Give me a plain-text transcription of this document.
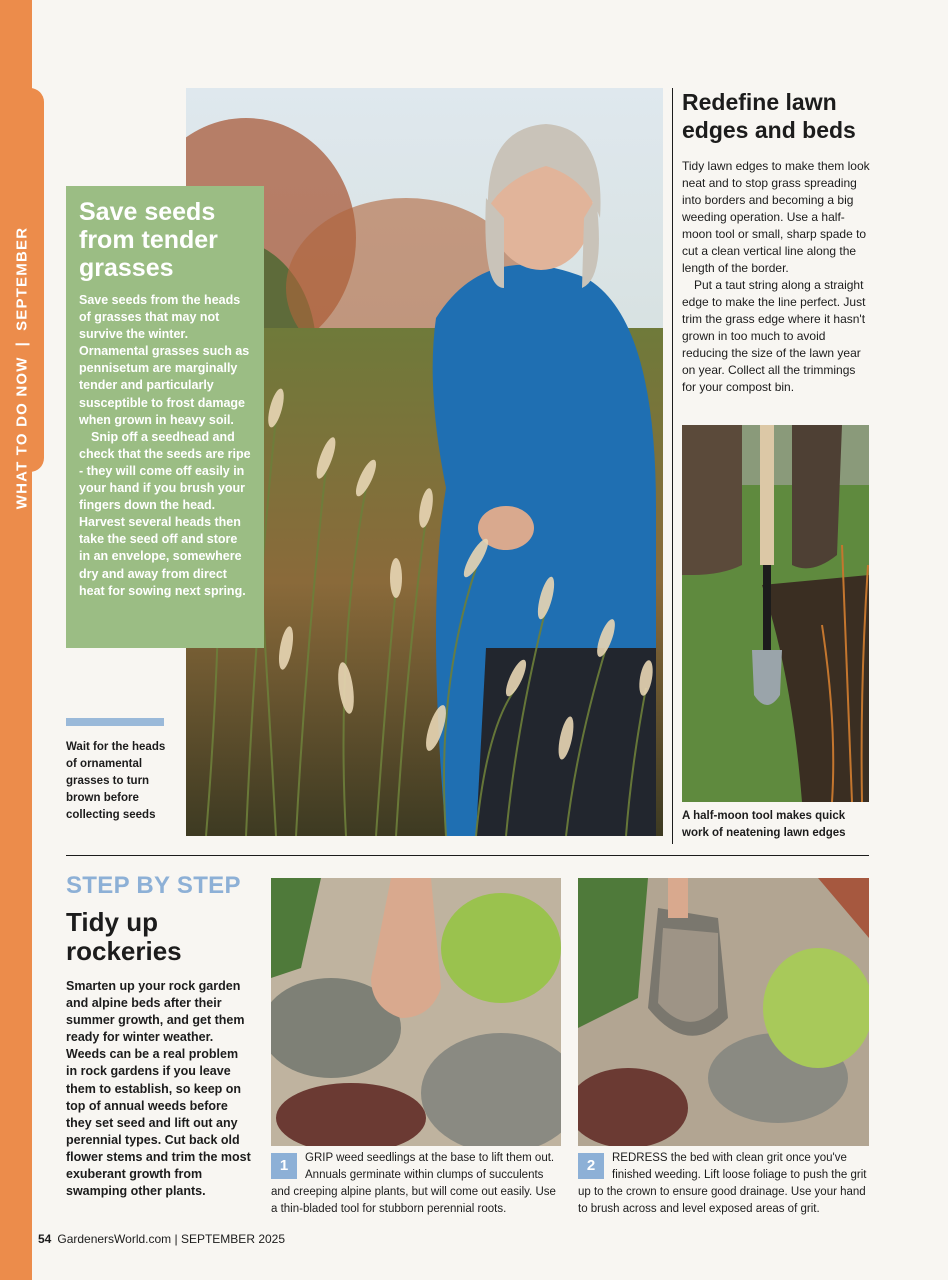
WHAT TO DO NOW|SEPTEMBER
Save seeds from tender grasses

Save seeds from the heads of grasses that may not survive the winter. Ornamental grasses such as pennisetum are marginally tender and particularly susceptible to frost damage when grown in heavy soil.

Snip off a seedhead and check that the seeds are ripe - they will come off easily in your hand if you brush your fingers down the head. Harvest several heads then take the seed off and store in an envelope, somewhere dry and away from direct heat for sowing next spring.

Wait for the heads of ornamental grasses to turn brown before collecting seeds
Redefine lawn edges and beds

Tidy lawn edges to make them look neat and to stop grass spreading into borders and becoming a big weeding operation. Use a half-moon tool or small, sharp spade to cut a clean vertical line along the length of the border.

Put a taut string along a straight edge to make the line perfect. Just trim the grass edge where it hasn't grown in too much to avoid reducing the size of the lawn year on year. Collect all the trimmings for your compost bin.

A half-moon tool makes quick work of neatening lawn edges
STEP BY STEP
Tidy up rockeries

Smarten up your rock garden and alpine beds after their summer growth, and get them ready for winter weather. Weeds can be a real problem in rock gardens if you leave them to establish, so keep on top of annual weeds before they set seed and lift out any perennial types. Cut back old flower stems and trim the most exuberant growth from swamping other plants.

1	GRIP weed seedlings at the base to lift them out. Annuals germinate within clumps of succulents and creeping alpine plants, but will come out easily. Use a thin-bladed tool for stubborn perennial roots.
2	REDRESS the bed with clean grit once you've finished weeding. Lift loose foliage to push the grit up to the crown to ensure good drainage. Use your hand to brush across and level exposed areas of grit.
54 GardenersWorld.com | SEPTEMBER 2025
